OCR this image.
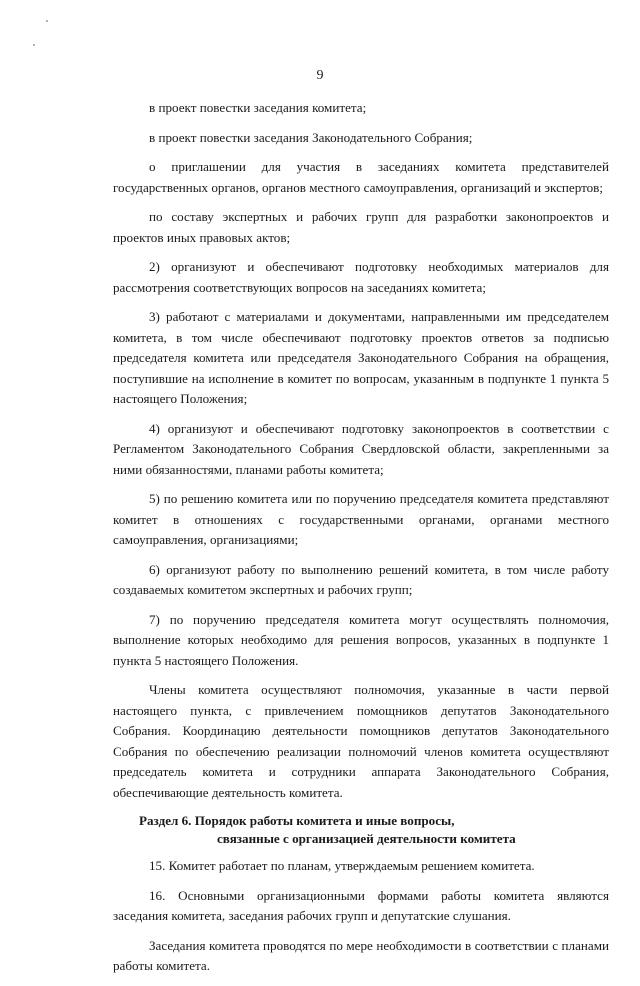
9

в проект повестки заседания комитета;

в проект повестки заседания Законодательного Собрания;

о приглашении для участия в заседаниях комитета представителей государственных органов, органов местного самоуправления, организаций и экспертов;

по составу экспертных и рабочих групп для разработки законопроектов и проектов иных правовых актов;

2) организуют и обеспечивают подготовку необходимых материалов для рассмотрения соответствующих вопросов на заседаниях комитета;

3) работают с материалами и документами, направленными им председателем комитета, в том числе обеспечивают подготовку проектов ответов за подписью председателя комитета или председателя Законодательного Собрания на обращения, поступившие на исполнение в комитет по вопросам, указанным в подпункте 1 пункта 5 настоящего Положения;

4) организуют и обеспечивают подготовку законопроектов в соответствии с Регламентом Законодательного Собрания Свердловской области, закрепленными за ними обязанностями, планами работы комитета;

5) по решению комитета или по поручению председателя комитета представляют комитет в отношениях с государственными органами, органами местного самоуправления, организациями;

6) организуют работу по выполнению решений комитета, в том числе работу создаваемых комитетом экспертных и рабочих групп;

7) по поручению председателя комитета могут осуществлять полномочия, выполнение которых необходимо для решения вопросов, указанных в подпункте 1 пункта 5 настоящего Положения.

Члены комитета осуществляют полномочия, указанные в части первой настоящего пункта, с привлечением помощников депутатов Законодательного Собрания. Координацию деятельности помощников депутатов Законодательного Собрания по обеспечению реализации полномочий членов комитета осуществляют председатель комитета и сотрудники аппарата Законодательного Собрания, обеспечивающие деятельность комитета.

Раздел 6. Порядок работы комитета и иные вопросы,
связанные с организацией деятельности комитета

15. Комитет работает по планам, утверждаемым решением комитета.

16. Основными организационными формами работы комитета являются заседания комитета, заседания рабочих групп и депутатские слушания.

Заседания комитета проводятся по мере необходимости в соответствии с планами работы комитета.
